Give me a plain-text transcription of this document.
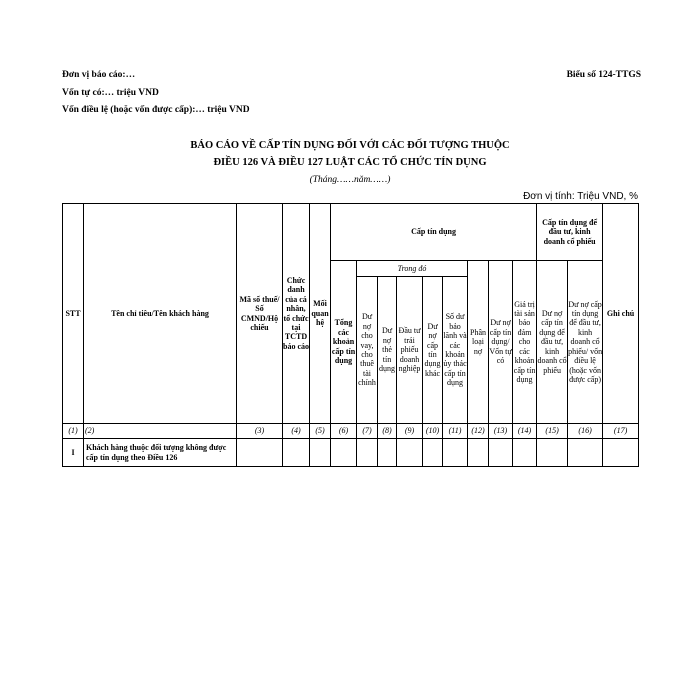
Đơn vị báo cáo:…	Biểu số 124-TTGS
Vốn tự có:… triệu VND
Vốn điều lệ (hoặc vốn được cấp):… triệu VND
BÁO CÁO VỀ CẤP TÍN DỤNG ĐỐI VỚI CÁC ĐỐI TƯỢNG THUỘC
ĐIỀU 126 VÀ ĐIỀU 127 LUẬT CÁC TỔ CHỨC TÍN DỤNG
(Tháng……năm……)
Đơn vị tính: Triệu VND, %
STT	Tên chỉ tiêu/Tên khách hàng	Mã số thuế/ Số CMND/Hộ chiếu	Chức danh của cá nhân, tổ chức tại TCTD báo cáo	Mối quan hệ	Cấp tín dụng									Cấp tín dụng để đầu tư, kinh doanh cổ phiếu		Ghi chú
					Tổng các khoản cấp tín dụng	Trong đó					Phân loại nợ	Dư nợ cấp tín dụng/ Vốn tự có	Giá trị tài sản bảo đảm cho các khoản cấp tín dụng	Dư nợ cấp tín dụng để đầu tư, kinh doanh cổ phiếu	Dư nợ cấp tín dụng để đầu tư, kinh doanh cổ phiếu/ vốn điều lệ (hoặc vốn được cấp)	
						Dư nợ cho vay, cho thuê tài chính	Dư nợ thẻ tín dụng	Đầu tư trái phiếu doanh nghiệp	Dư nợ cấp tín dụng khác	Số dư bảo lãnh và các khoản ủy thác cấp tín dụng						
(1)	(2)	(3)	(4)	(5)	(6)	(7)	(8)	(9)	(10)	(11)	(12)	(13)	(14)	(15)	(16)	(17)
I	Khách hàng thuộc đối tượng không được cấp tín dụng theo Điều 126															
